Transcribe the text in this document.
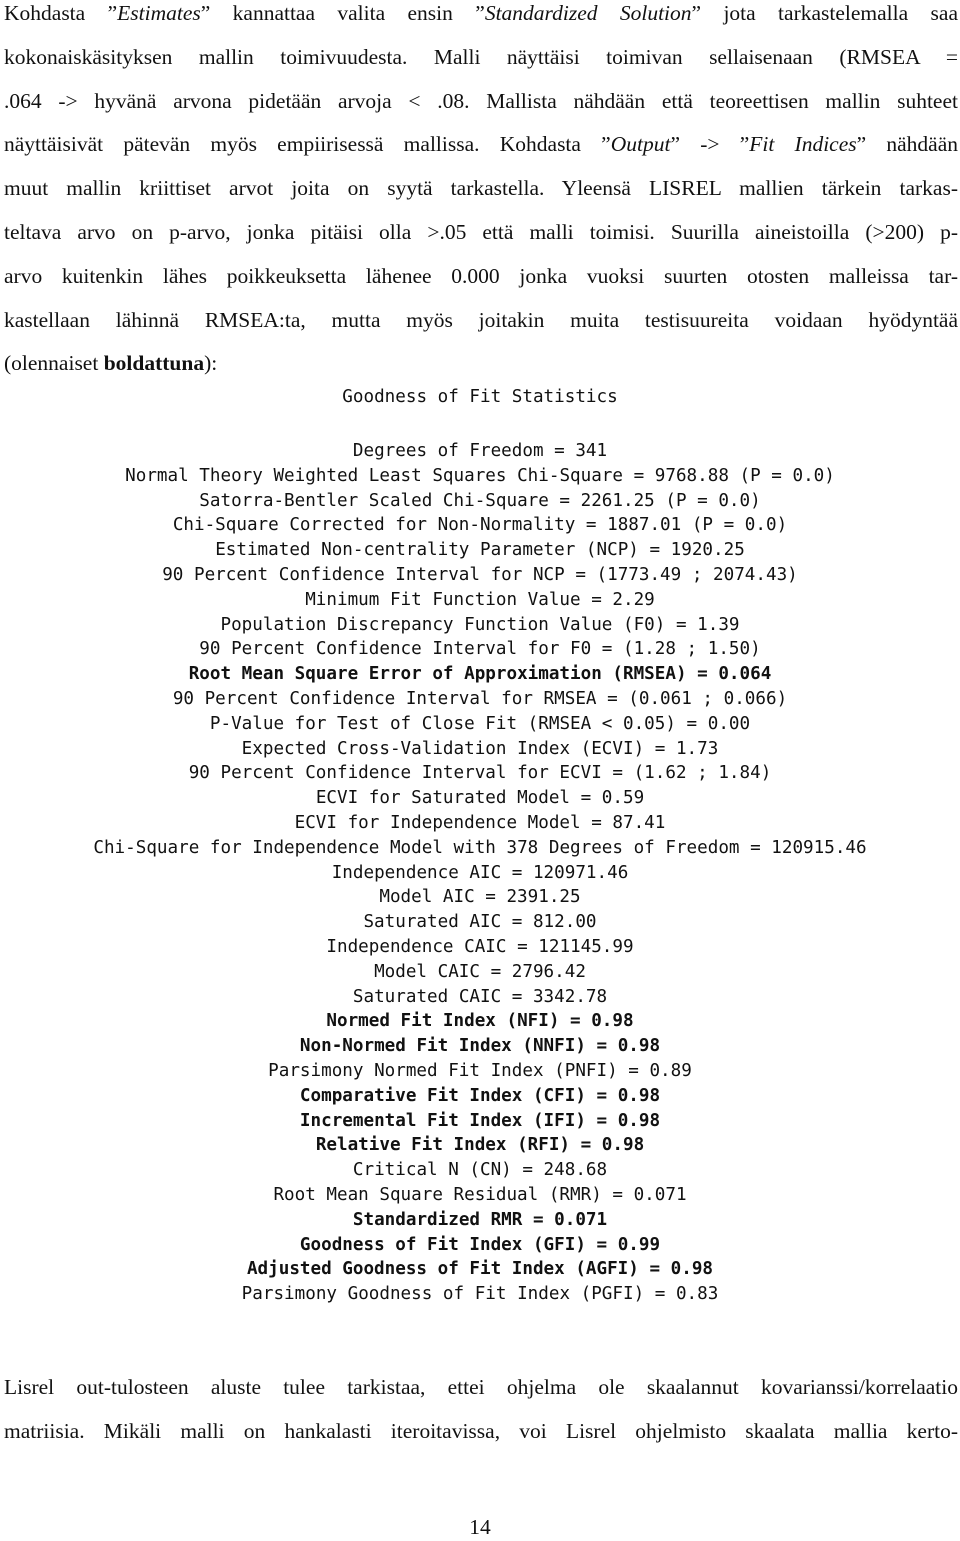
Kohdasta ”Estimates” kannattaa valita ensin ”Standardized Solution” jota tarkastelemalla saa
kokonaiskäsityksen mallin toimivuudesta. Malli näyttäisi toimivan sellaisenaan (RMSEA =
.064 -> hyvänä arvona pidetään arvoja < .08. Mallista nähdään että teoreettisen mallin suhteet
näyttäisivät pätevän myös empiirisessä mallissa. Kohdasta ”Output” -> ”Fit Indices” nähdään
muut mallin kriittiset arvot joita on syytä tarkastella. Yleensä LISREL mallien tärkein tarkas-
teltava arvo on p-arvo, jonka pitäisi olla >.05 että malli toimisi. Suurilla aineistoilla (>200) p-
arvo kuitenkin lähes poikkeuksetta lähenee 0.000 jonka vuoksi suurten otosten malleissa tar-
kastellaan lähinnä RMSEA:ta, mutta myös joitakin muita testisuureita voidaan hyödyntää
(olennaiset boldattuna):
Goodness of Fit Statistics
Degrees of Freedom = 341
Normal Theory Weighted Least Squares Chi-Square = 9768.88 (P = 0.0)
Satorra-Bentler Scaled Chi-Square = 2261.25 (P = 0.0)
Chi-Square Corrected for Non-Normality = 1887.01 (P = 0.0)
Estimated Non-centrality Parameter (NCP) = 1920.25
90 Percent Confidence Interval for NCP = (1773.49 ; 2074.43)
Minimum Fit Function Value = 2.29
Population Discrepancy Function Value (F0) = 1.39
90 Percent Confidence Interval for F0 = (1.28 ; 1.50)
Root Mean Square Error of Approximation (RMSEA) = 0.064
90 Percent Confidence Interval for RMSEA = (0.061 ; 0.066)
P-Value for Test of Close Fit (RMSEA < 0.05) = 0.00
Expected Cross-Validation Index (ECVI) = 1.73
90 Percent Confidence Interval for ECVI = (1.62 ; 1.84)
ECVI for Saturated Model = 0.59
ECVI for Independence Model = 87.41
Chi-Square for Independence Model with 378 Degrees of Freedom = 120915.46
Independence AIC = 120971.46
Model AIC = 2391.25
Saturated AIC = 812.00
Independence CAIC = 121145.99
Model CAIC = 2796.42
Saturated CAIC = 3342.78
Normed Fit Index (NFI) = 0.98
Non-Normed Fit Index (NNFI) = 0.98
Parsimony Normed Fit Index (PNFI) = 0.89
Comparative Fit Index (CFI) = 0.98
Incremental Fit Index (IFI) = 0.98
Relative Fit Index (RFI) = 0.98
Critical N (CN) = 248.68
Root Mean Square Residual (RMR) = 0.071
Standardized RMR = 0.071
Goodness of Fit Index (GFI) = 0.99
Adjusted Goodness of Fit Index (AGFI) = 0.98
Parsimony Goodness of Fit Index (PGFI) = 0.83
Lisrel out-tulosteen aluste tulee tarkistaa, ettei ohjelma ole skaalannut kovarianssi/korrelaatio
matriisia. Mikäli malli on hankalasti iteroitavissa, voi Lisrel ohjelmisto skaalata mallia kerto-
14
